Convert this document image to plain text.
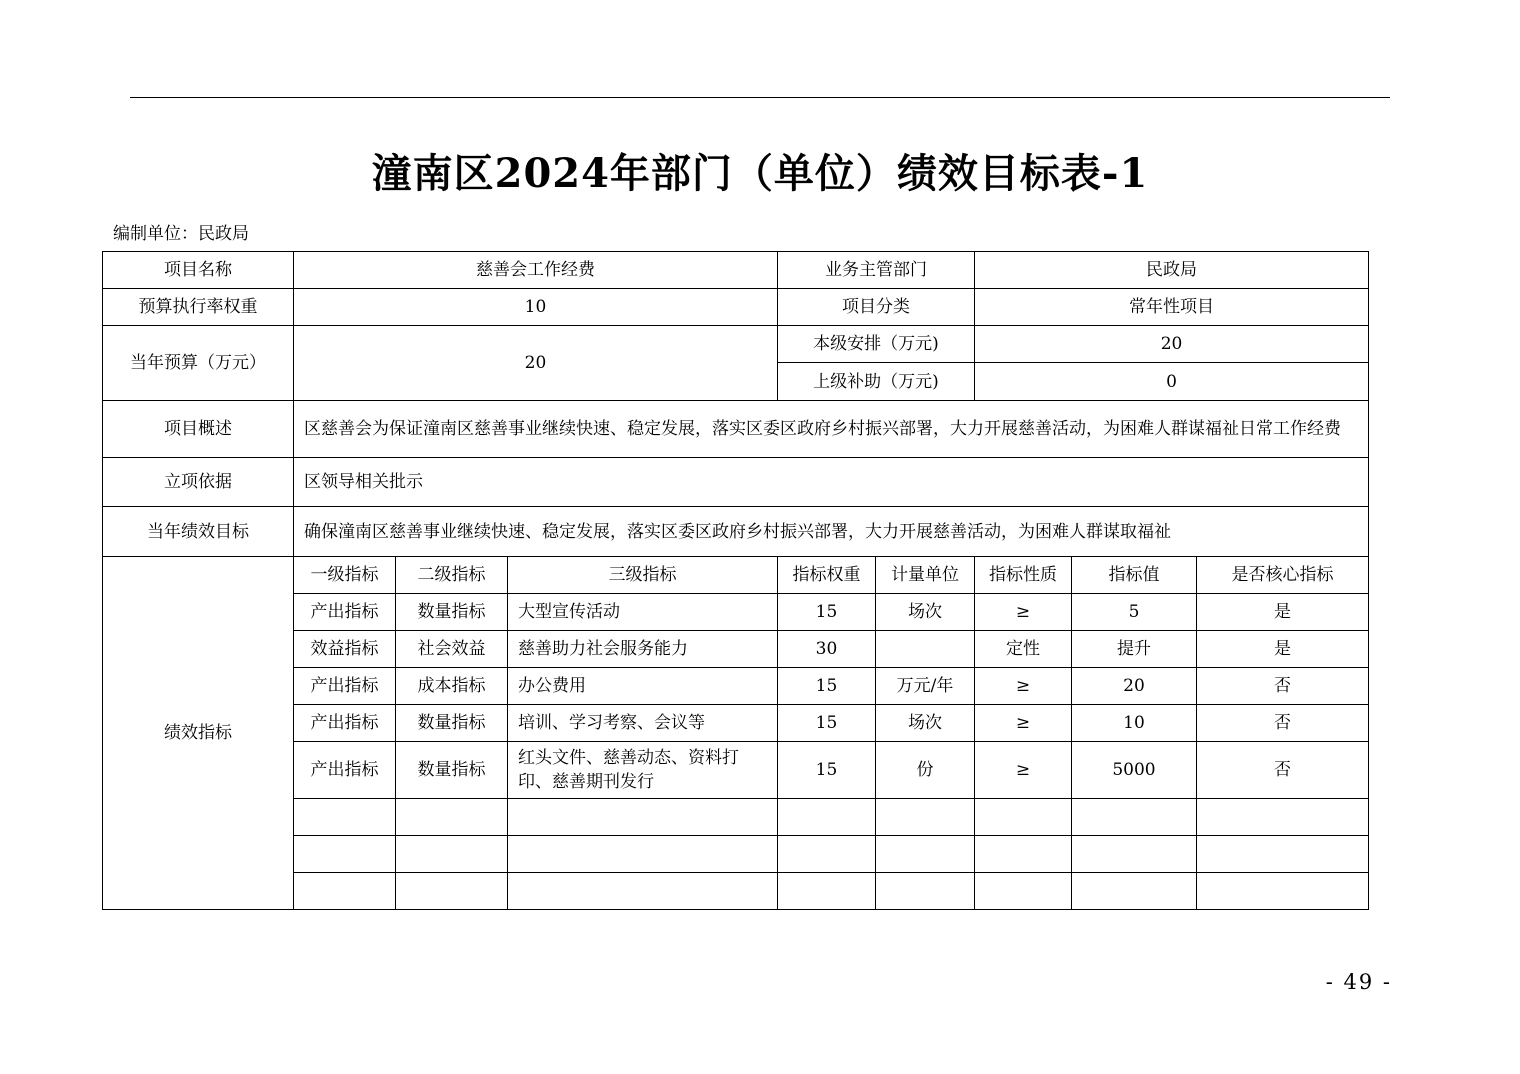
潼南区2024年部门（单位）绩效目标表-1
编制单位：民政局
项目名称	慈善会工作经费			业务主管部门		民政局		
预算执行率权重	10			项目分类		常年性项目		
当年预算（万元）	20			本级安排（万元)		20		
				上级补助（万元)		0		
项目概述	区慈善会为保证潼南区慈善事业继续快速、稳定发展，落实区委区政府乡村振兴部署，大力开展慈善活动，为困难人群谋福祉日常工作经费							
立项依据	区领导相关批示							
当年绩效目标	确保潼南区慈善事业继续快速、稳定发展，落实区委区政府乡村振兴部署，大力开展慈善活动，为困难人群谋取福祉							
绩效指标	一级指标	二级指标	三级指标	指标权重	计量单位	指标性质	指标值	是否核心指标
	产出指标	数量指标	大型宣传活动	15	场次	≥	5	是
	效益指标	社会效益	慈善助力社会服务能力	30		定性	提升	是
	产出指标	成本指标	办公费用	15	万元/年	≥	20	否
	产出指标	数量指标	培训、学习考察、会议等	15	场次	≥	10	否
	产出指标	数量指标	红头文件、慈善动态、资料打印、慈善期刊发行	15	份	≥	5000	否

- 49 -
